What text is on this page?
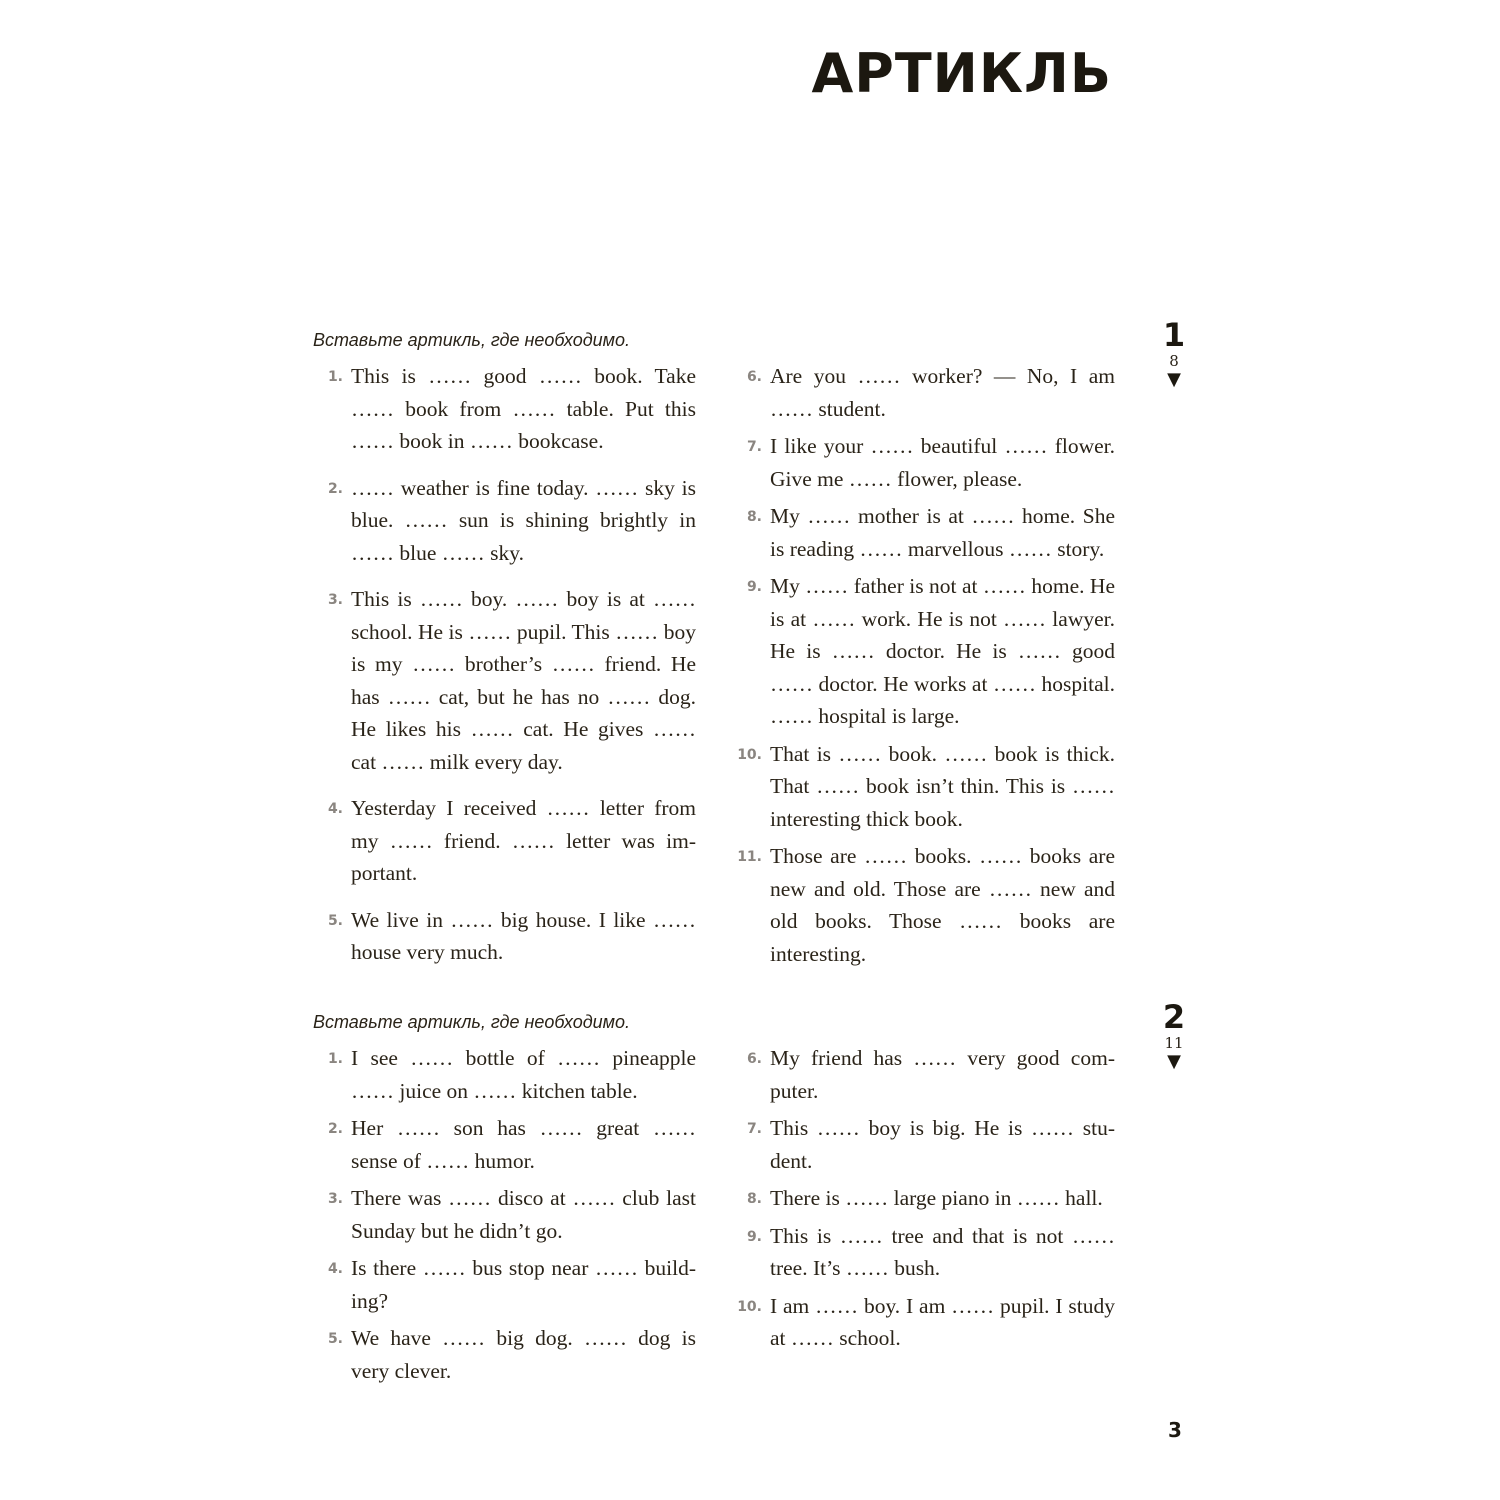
АРТИКЛЬ
Вставьте артикль, где необходимо.	1
8
▼
1. This is …… good …… book. Take …… book from …… table. Put this …… book in …… bookcase.
2. …… weather is fine today. …… sky is blue. …… sun is shining brightly in …… blue …… sky.
3. This is …… boy. …… boy is at …… school. He is …… pupil. This …… boy is my …… brother’s …… friend. He has …… cat, but he has no …… dog. He likes his …… cat. He gives …… cat …… milk every day.
4. Yesterday I received …… letter from my …… friend. …… letter was important.
5. We live in …… big house. I like …… house very much.
6. Are you …… worker? — No, I am …… student.
7. I like your …… beautiful …… flower. Give me …… flower, please.
8. My …… mother is at …… home. She is reading …… marvellous …… story.
9. My …… father is not at …… home. He is at …… work. He is not …… lawyer. He is …… doctor. He is …… good …… doctor. He works at …… hospital. …… hospital is large.
10. That is …… book. …… book is thick. That …… book isn’t thin. This is …… interesting thick book.
11. Those are …… books. …… books are new and old. Those are …… new and old books. Those …… books are interesting.
Вставьте артикль, где необходимо.	2
11
▼
1. I see …… bottle of …… pineapple …… juice on …… kitchen table.
2. Her …… son has …… great …… sense of …… humor.
3. There was …… disco at …… club last Sunday but he didn’t go.
4. Is there …… bus stop near …… building?
5. We have …… big dog. …… dog is very clever.
6. My friend has …… very good computer.
7. This …… boy is big. He is …… student.
8. There is …… large piano in …… hall.
9. This is …… tree and that is not …… tree. It’s …… bush.
10. I am …… boy. I am …… pupil. I study at …… school.
3
